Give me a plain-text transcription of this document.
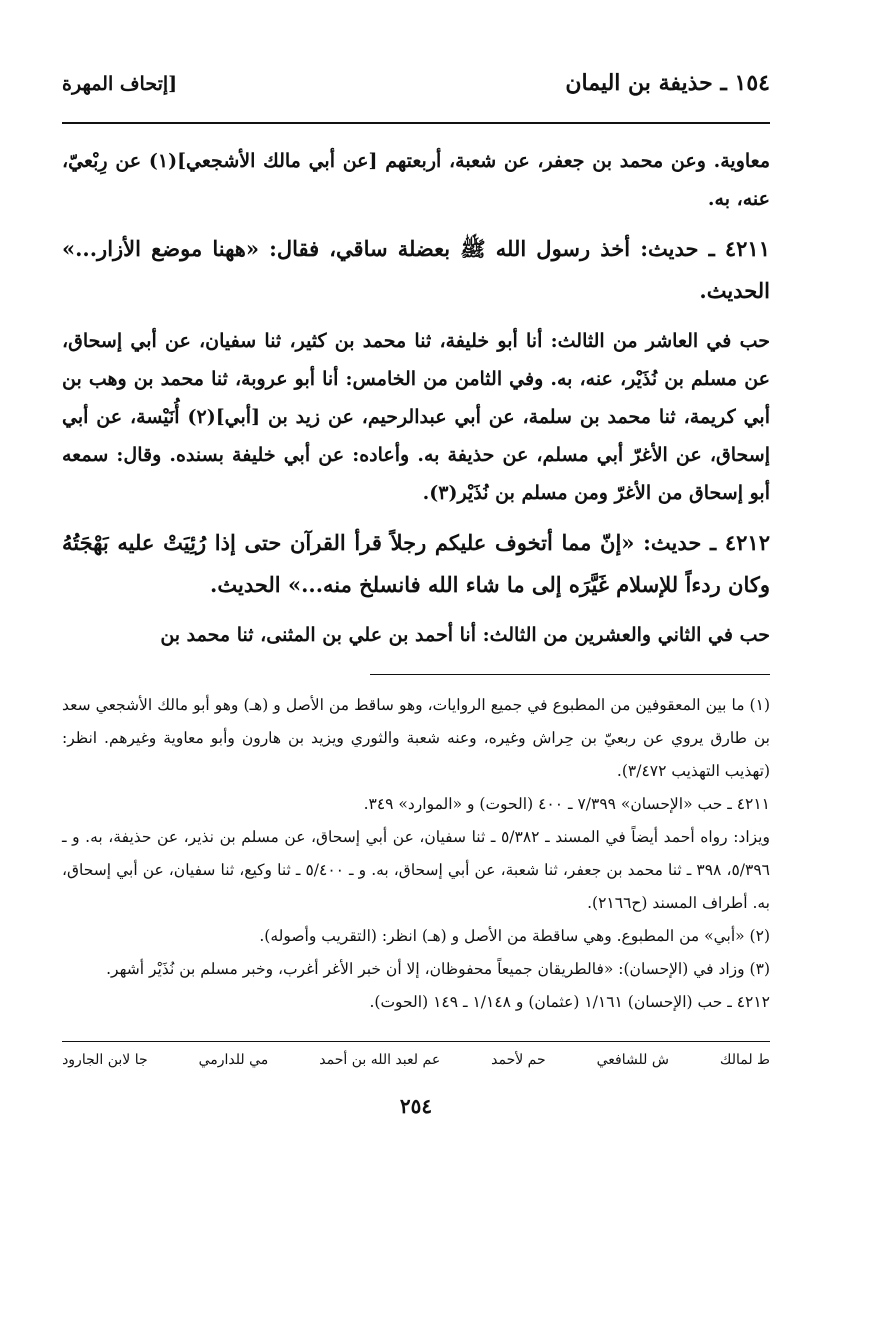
١٥٤ ـ حذيفة بن اليمان
[إتحاف المهرة

معاوية. وعن محمد بن جعفر، عن شعبة، أربعتهم [عن أبي مالك الأشجعي](١) عن رِبْعيّ، عنه، به.

٤٢١١ ـ حديث: أخذ رسول الله ﷺ بعضلة ساقي، فقال: «ههنا موضع الأزار...» الحديث.

حب في العاشر من الثالث: أنا أبو خليفة، ثنا محمد بن كثير، ثنا سفيان، عن أبي إسحاق، عن مسلم بن نُذَيْر، عنه، به. وفي الثامن من الخامس: أنا أبو عروبة، ثنا محمد بن وهب بن أبي كريمة، ثنا محمد بن سلمة، عن أبي عبدالرحيم، عن زيد بن [أبي](٢) أُنَيْسة، عن أبي إسحاق، عن الأغرّ أبي مسلم، عن حذيفة به. وأعاده: عن أبي خليفة بسنده. وقال: سمعه أبو إسحاق من الأغرّ ومن مسلم بن نُذَيْر(٣).

٤٢١٢ ـ حديث: «إنّ مما أتخوف عليكم رجلاً قرأ القرآن حتى إذا رُئِيَتْ عليه بَهْجَتُهُ وكان ردءاً للإسلام غَيَّرَه إلى ما شاء الله فانسلخ منه...» الحديث.

حب في الثاني والعشرين من الثالث: أنا أحمد بن علي بن المثنى، ثنا محمد بن

(١) ما بين المعقوفين من المطبوع في جميع الروايات، وهو ساقط من الأصل و (هـ) وهو أبو مالك الأشجعي سعد بن طارق يروي عن ربعيّ بن حِراش وغيره، وعنه شعبة والثوري ويزيد بن هارون وأبو معاوية وغيرهم. انظر: (تهذيب التهذيب ٣/٤٧٢).

٤٢١١ ـ حب «الإحسان» ٧/٣٩٩ ـ ٤٠٠ (الحوت) و «الموارد» ٣٤٩.

ويزاد: رواه أحمد أيضاً في المسند ـ ٥/٣٨٢ ـ ثنا سفيان، عن أبي إسحاق، عن مسلم بن نذير، عن حذيفة، به. و ـ ٥/٣٩٦، ٣٩٨ ـ ثنا محمد بن جعفر، ثنا شعبة، عن أبي إسحاق، به. و ـ ٥/٤٠٠ ـ ثنا وكيع، ثنا سفيان، عن أبي إسحاق، به. أطراف المسند (ح٢١٦٦).

(٢) «أبي» من المطبوع. وهي ساقطة من الأصل و (هـ) انظر: (التقريب وأصوله).

(٣) وزاد في (الإحسان): «فالطريقان جميعاً محفوظان، إلا أن خبر الأغر أغرب، وخبر مسلم بن نُذَيْر أشهر.

٤٢١٢ ـ حب (الإحسان) ١/١٦١ (عثمان) و ١/١٤٨ ـ ١٤٩ (الحوت).

ط لمالك
ش للشافعي
حم لأحمد
عم لعبد الله بن أحمد
مي للدارمي
جا لابن الجارود
٢٥٤
